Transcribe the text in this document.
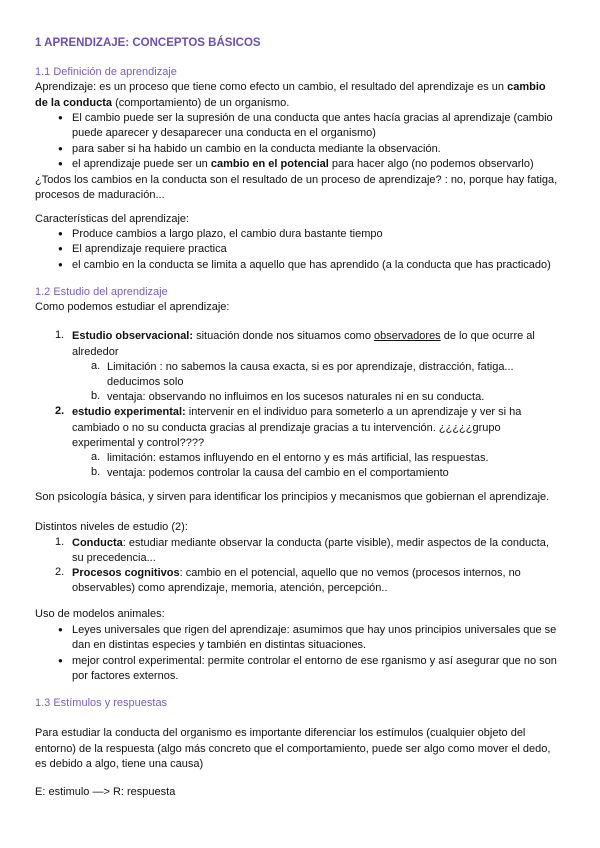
1 APRENDIZAJE: CONCEPTOS BÁSICOS
1.1 Definición de aprendizaje
Aprendizaje: es un proceso que tiene como efecto un cambio, el resultado del aprendizaje es un cambio
de la conducta (comportamiento) de un organismo.
● El cambio puede ser la supresión de una conducta que antes hacía gracias al aprendizaje (cambio
puede aparecer y desaparecer una conducta en el organismo)
● para saber si ha habido un cambio en la conducta mediante la observación.
● el aprendizaje puede ser un cambio en el potencial para hacer algo (no podemos observarlo)
¿Todos los cambios en la conducta son el resultado de un proceso de aprendizaje? : no, porque hay fatiga,
procesos de maduración...
Características del aprendizaje:
● Produce cambios a largo plazo, el cambio dura bastante tiempo
● El aprendizaje requiere practica
● el cambio en la conducta se limita a aquello que has aprendido (a la conducta que has practicado)
1.2 Estudio del aprendizaje
Como podemos estudiar el aprendizaje:
1. Estudio observacional: situación donde nos situamos como observadores de lo que ocurre al
alrededor
a. Limitación : no sabemos la causa exacta, si es por aprendizaje, distracción, fatiga...
deducimos solo
b. ventaja: observando no influimos en los sucesos naturales ni en su conducta.
2. estudio experimental: intervenir en el individuo para someterlo a un aprendizaje y ver si ha
cambiado o no su conducta gracias al prendizaje gracias a tu intervención. ¿¿¿¿¿grupo
experimental y control????
a. limitación: estamos influyendo en el entorno y es más artificial, las respuestas.
b. ventaja: podemos controlar la causa del cambio en el comportamiento
Son psicología básica, y sirven para identificar los principios y mecanismos que gobiernan el aprendizaje.
Distintos niveles de estudio (2):
1. Conducta: estudiar mediante observar la conducta (parte visible), medir aspectos de la conducta,
su precedencia...
2. Procesos cognitivos: cambio en el potencial, aquello que no vemos (procesos internos, no
observables) como aprendizaje, memoria, atención, percepción..
Uso de modelos animales:
● Leyes universales que rigen del aprendizaje: asumimos que hay unos principios universales que se
dan en distintas especies y también en distintas situaciones.
● mejor control experimental: permite controlar el entorno de ese rganismo y así asegurar que no son
por factores externos.
1.3 Estímulos y respuestas
Para estudiar la conducta del organismo es importante diferenciar los estímulos (cualquier objeto del
entorno) de la respuesta (algo más concreto que el comportamiento, puede ser algo como mover el dedo,
es debido a algo, tiene una causa)
E: estimulo —> R: respuesta
